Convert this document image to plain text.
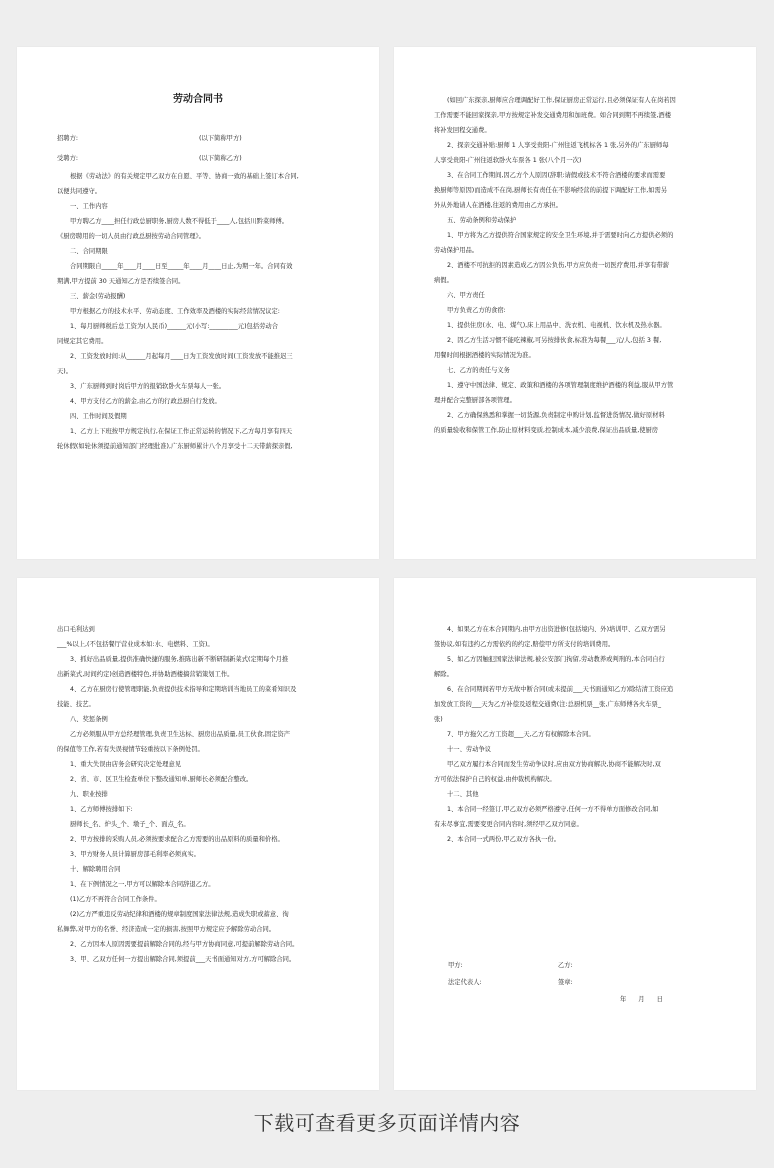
劳动合同书
招聘方:	(以下简称甲方)
受聘方:	(以下简称乙方)
根据《劳动法》的有关规定甲乙双方在自愿、平等、协商一致的基础上签订本合同,
以便共同遵守。
一、工作内容
甲方聘乙方____担任行政总厨职务,厨房人数不得低于____人,包括川黔菜师傅。
《厨房聘用的一切人员由行政总厨按劳动合同管理》。
二、合同期限
合同期限自_____年____月____日至_____年____月____日止,为期一年。合同有效
期满,甲方提前 30 天通知乙方是否续签合同。
三、薪金(劳动报酬)
甲方根据乙方的技术水平、劳动态度、工作效率及酒楼的实际经营情况议定:
1、每月厨师税后总工资为(人民币)______元(小写:_________元)包括劳动合
同规定其它费用。
2、工资发放时间:从______月起每月____日为工资发放时间(工资发放不能推迟三
天)。
3、广东厨师到时岗后甲方的报销软卧火车票每人一张。
4、甲方支付乙方的薪金,由乙方的行政总厨自行发放。
四、工作时间及假期
1、乙方上下班按甲方规定执行,在保证工作正常运转的情况下,乙方每月享有四天
轮休假(如轮休须提前通知部门经理批准),广东厨师累计八个月享受十二天带薪探亲假,
(如回广东探亲,厨师应合理调配好工作,保证厨房正常运行,且必须保证有人在岗若因
工作需要不能回家探亲,甲方按规定补发交通费用和加班费。如合同到期不再续签,酒楼
将补发回程交通费。
2、探亲交通补贴:厨师 1 人享受贵阳-广州往返飞机标各 1 张,另外的广东厨师每
人享受贵阳-广州往返软卧火车票各 1 张(八个月一次)
3、在合同工作期间,因乙方个人原因(辞职:请假或技术不符合酒楼的要求而需要
换厨师等原因)而造成不在岗,厨师长有责任在不影响经营的前提下调配好工作,如需另
外从外地请人在酒楼,往返的费用由乙方承担。
五、劳动条例和劳动保护
1、甲方将为乙方提供符合国家规定的安全卫生环境,并于需要时向乙方提供必须的
劳动保护用品。
2、酒楼不可抗拒的因素造成乙方因公负伤,甲方应负责一切医疗费用,并享有带薪
病假。
六、甲方责任
甲方负责乙方的食宿:
1、提供住房(水、电、煤气),床上用品中、洗衣机、电视机、饮水机及热水器。
2、因乙方生活习惯不能吃辣椒,可另按排伙食,标准为每餐___元/人,包括 3 餐,
用餐时间根据酒楼的实际情况为准。
七、乙方的责任与义务
1、遵守中国法律、规定、政策和酒楼的各项管理制度维护酒楼的利益,服从甲方管
理并配合完整厨部各项管理。
2、乙方确保熟悉和掌握一切货源,负责制定申购计划,监督进货情况,做好原材料
的质量验收和保管工作,防止原材料变质,控制成本,减少浪费,保证出品质量,使厨房
出口毛利达到
___%以上,(不包括餐厅营业成本如:水、电燃料、工资)。
3、抓好出品质量,提供准确快捷的服务,推陈出新不断研制新菜式(定期每个月推
出新菜式,时间约定)创造酒楼特色,并协助酒楼搞营销策划工作。
4、乙方在厨房行使管理职能,负责提供技术指导和定期培训当地员工的菜肴知识及
技能、技艺。
八、奖惩条例
乙方必须服从甲方总经理管理,负责卫生达标、厨房出品质量,员工伙食,固定资产
的保值等工作,若有失误视情节轻重按以下条例处罚。
1、重大失误由店务会研究决定处理意见
2、省、市、区卫生检查单位下整改通知单,厨师长必须配合整改。
九、职业按排
1、乙方师傅按排如下:
厨师长_名、炉头_个、墩子_个、面点_名。
2、甲方按排的采购人员,必须按要求配合乙方需要的出品原料的质量和价格。
3、甲方财务人员计算厨房部毛利率必须真实。
十、解除聘用合同
1、在下例情况之一,甲方可以解除本合同辞退乙方。
(1)乙方不再符合合同工作条件。
(2)乙方严重违反劳动纪律和酒楼的规章制度国家法律法规,造成失职或蓄意、徇
私舞弊,对甲方的名誉、经济造成一定的损害,按照甲方规定应予解除劳动合同。
2、乙方因本人原因需要提前解除合同的,经与甲方协商同意,可提前解除劳动合同。
3、甲、乙双方任何一方提出解除合同,须提前___天书面通知对方,方可解除合同。
4、如果乙方在本合同期内,由甲方出资进修(包括境内、外)培训甲、乙双方需另
签协议,如有违约乙方需依约的约定,赔偿甲方所支付的培训费用。
5、如乙方因触犯国家法律法规,被公安部门拘留,劳动教养或判刑的,本合同自行
解除。
6、在合同期间若甲方无故中断合同(或未提前___天书面通知乙方)除结清工资应追
加发放工资的___天为乙方补偿及返程交通费(注:总厨机票__张,广东师傅各火车票_
张)
7、甲方拖欠乙方工资超___天,乙方有权解除本合同。
十一、劳动争议
甲乙双方履行本合同而发生劳动争议时,应由双方协商解决,协商不能解决时,双
方可依法保护自己的权益,由仲裁机构解决。
十二、其他
1、本合同一经签订,甲乙双方必须严格遵守,任何一方不得单方面修改合同,如
有未尽事宜,需要变更合同内容时,须经甲乙双方同意。
2、本合同一式两份,甲乙双方各执一份。
甲方:	乙方:
法定代表人:	签章:
年 月 日
下载可查看更多页面详情内容
